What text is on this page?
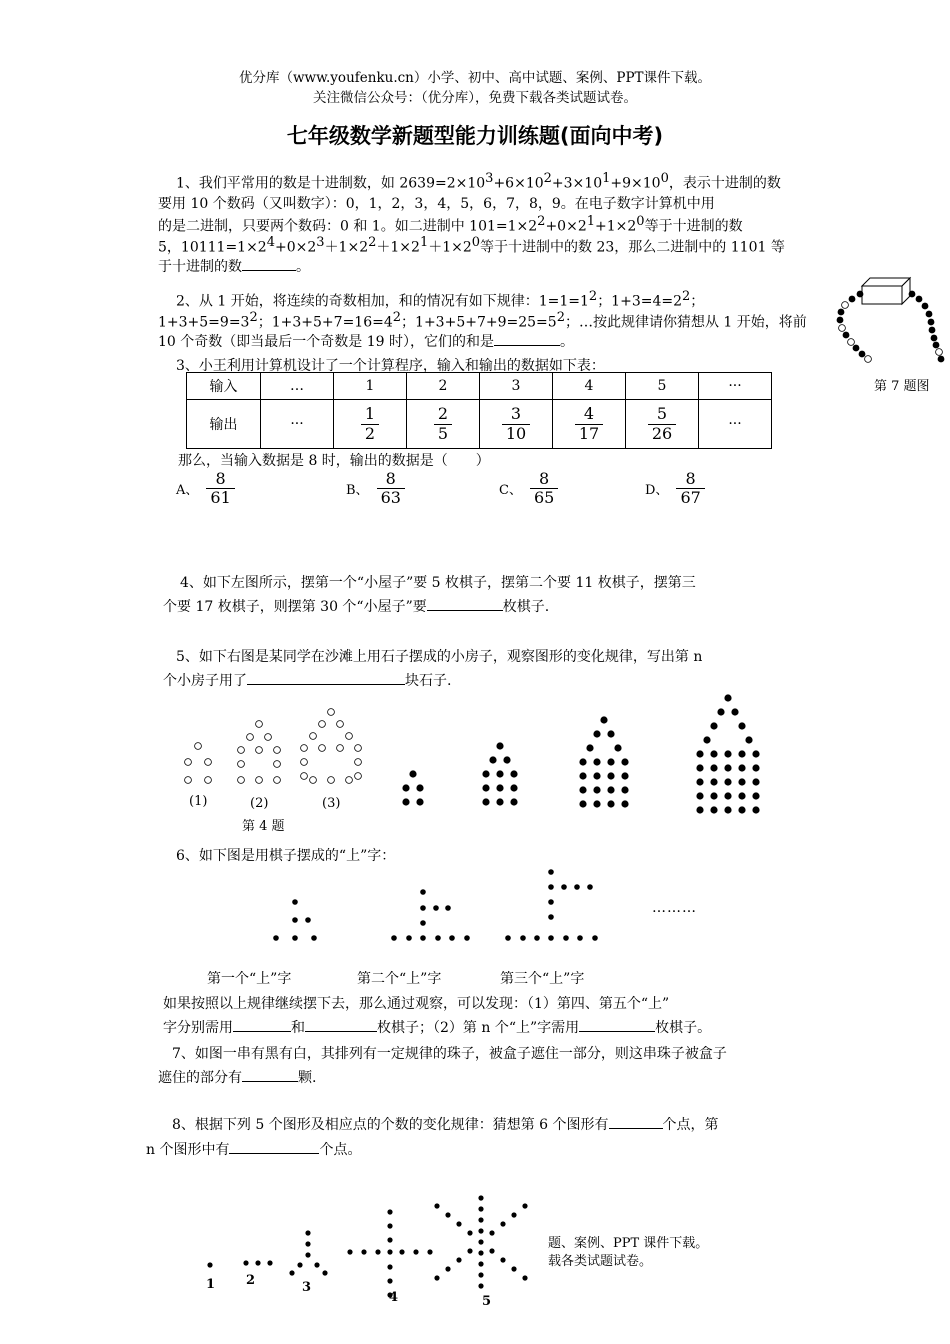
优分库（www.youfenku.cn）小学、初中、高中试题、案例、PPT课件下载。
关注微信公众号：（优分库），免费下载各类试题试卷。
七年级数学新题型能力训练题(面向中考)
1、我们平常用的数是十进制数，如 $2639=2\times 10^3+6\times 10^2+3\times 10^1+9\times 10^0$，表示十进制的数
要用 10 个数码（又叫数字）：0，1，2，3，4，5，6，7，8，9。在电子数字计算机中用
的是二进制，只要两个数码：0 和 1。如二进制中 $101=1\times 2^2+0\times 2^1+1\times 2^0$等于十进制的数
5，$10111=1\times 2^4+0\times 2^3+1\times 2^2+1\times 2^1+1\times 2^0$等于十进制中的数 23，那么二进制中的 1101 等
于十进制的数	。
2、从 1 开始，将连续的奇数相加，和的情况有如下规律：$1=1=1^2$；$1+3=4=2^2$；
$1+3+5=9=3^2$；$1+3+5+7=16=4^2$；$1+3+5+7+9=25=5^2$；…按此规律请你猜想从 1 开始，将前
10 个奇数（即当最后一个奇数是 19 时），它们的和是	。
第 7 题图
3、小王利用计算机设计了一个计算程序，输入和输出的数据如下表：
输入	…	1	2	3	4	5	···
输出	···	$\frac{1}{2}$	$\frac{2}{5}$	$\frac{3}{10}$	$\frac{4}{17}$	$\frac{5}{26}$	···
那么，当输入数据是 8 时，输出的数据是（　　）
A、 $\frac{8}{61}$	B、 $\frac{8}{63}$	C、 $\frac{8}{65}$	D、 $\frac{8}{67}$
4、如下左图所示，摆第一个“小屋子”要 5 枚棋子，摆第二个要 11 枚棋子，摆第三
个要 17 枚棋子，则摆第 30 个“小屋子”要	枚棋子.
5、如下右图是某同学在沙滩上用石子摆成的小房子，观察图形的变化规律，写出第 n
个小房子用了	块石子.
(1)	(2)	(3)
第 4 题
6、如下图是用棋子摆成的“上”字：
………
第一个“上”字	第二个“上”字	第三个“上”字
如果按照以上规律继续摆下去，那么通过观察，可以发现：（1）第四、第五个“上”
字分别需用	和	枚棋子；（2）第 n 个“上”字需用	枚棋子。
7、如图一串有黑有白，其排列有一定规律的珠子，被盒子遮住一部分，则这串珠子被盒子
遮住的部分有	颗.
8、根据下列 5 个图形及相应点的个数的变化规律：猜想第 6 个图形有	个点，第
n 个图形中有	个点。
1 2	3
4	5
题、案例、PPT 课件下载。
载各类试题试卷。
